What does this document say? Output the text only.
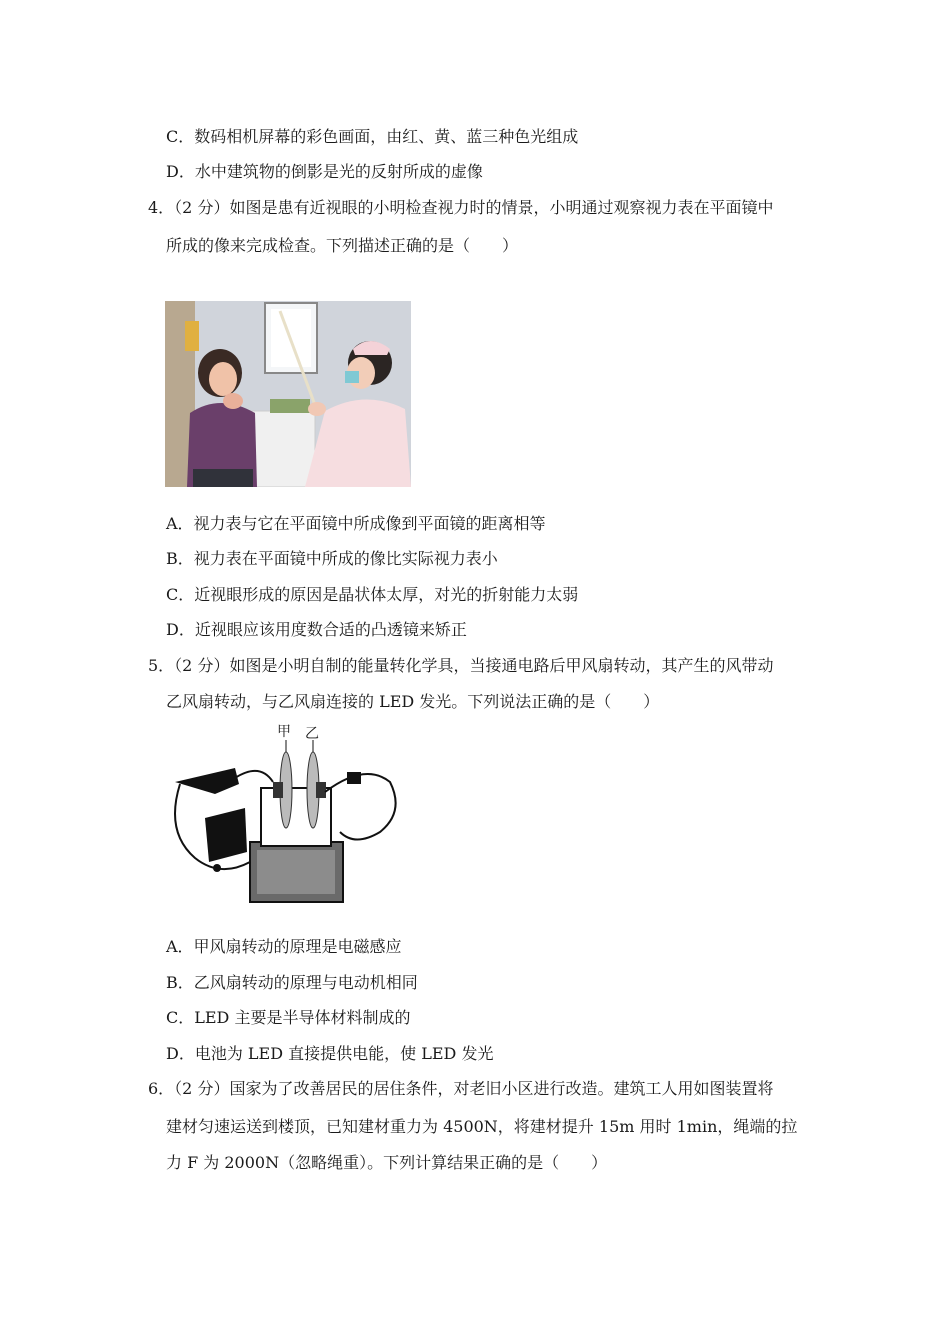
C．数码相机屏幕的彩色画面，由红、黄、蓝三种色光组成
D．水中建筑物的倒影是光的反射所成的虚像
4．（2 分）如图是患有近视眼的小明检查视力时的情景，小明通过观察视力表在平面镜中
所成的像来完成检查。下列描述正确的是（　　）
A．视力表与它在平面镜中所成像到平面镜的距离相等
B．视力表在平面镜中所成的像比实际视力表小
C．近视眼形成的原因是晶状体太厚，对光的折射能力太弱
D．近视眼应该用度数合适的凸透镜来矫正
5．（2 分）如图是小明自制的能量转化学具，当接通电路后甲风扇转动，其产生的风带动
乙风扇转动，与乙风扇连接的 LED 发光。下列说法正确的是（　　）
甲 乙
A．甲风扇转动的原理是电磁感应
B．乙风扇转动的原理与电动机相同
C．LED 主要是半导体材料制成的
D．电池为 LED 直接提供电能，使 LED 发光
6．（2 分）国家为了改善居民的居住条件，对老旧小区进行改造。建筑工人用如图装置将
建材匀速运送到楼顶，已知建材重力为 4500N，将建材提升 15m 用时 1min，绳端的拉
力 F 为 2000N（忽略绳重）。下列计算结果正确的是（　　）
